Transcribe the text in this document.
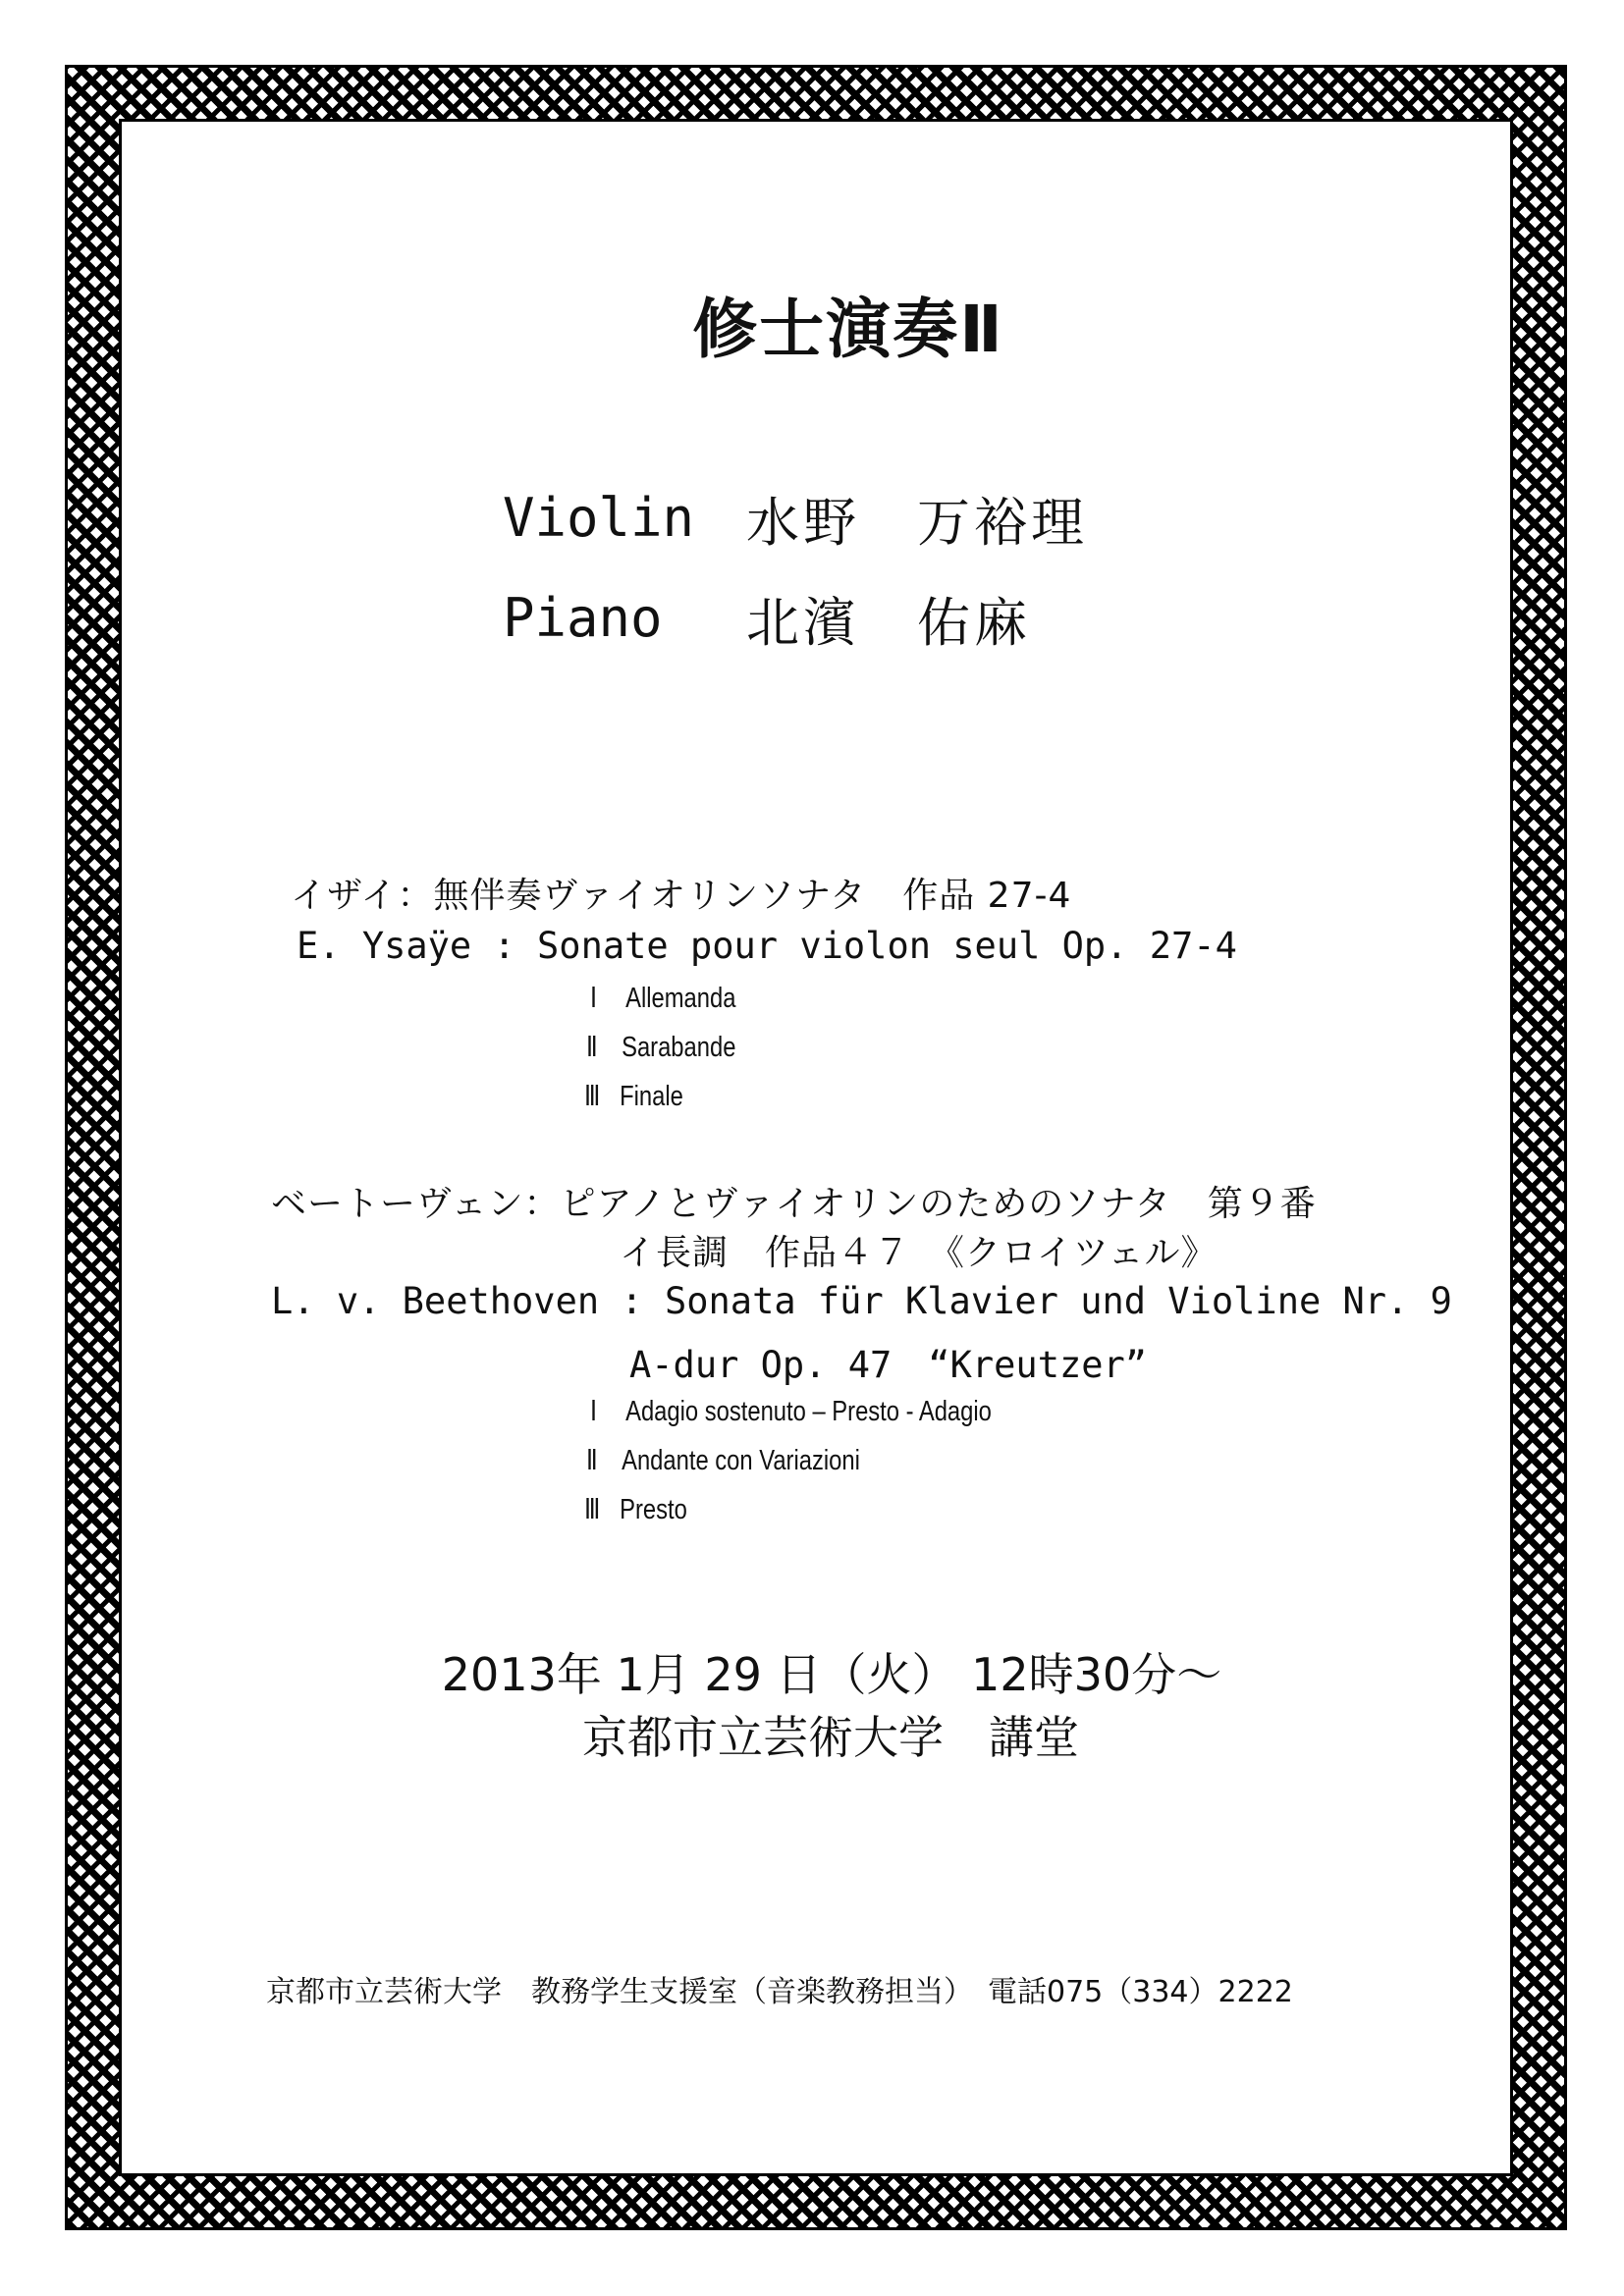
修士演奏Ⅱ
Violin 水野　万裕理
Piano 北濱　佑麻

イザイ：無伴奏ヴァイオリンソナタ　作品 27-4

E. Ysaÿe : Sonate pour violon seul Op. 27-4

Ⅰ Allemanda

Ⅱ Sarabande

Ⅲ Finale

ベートーヴェン：ピアノとヴァイオリンのためのソナタ　第９番

イ長調　作品４７　《クロイツェル》

L. v. Beethoven : Sonata für Klavier und Violine Nr. 9

A-dur Op. 47　“Kreutzer”

Ⅰ Adagio sostenuto – Presto - Adagio

Ⅱ Andante con Variazioni

Ⅲ Presto

2013年 1月 29 日（火） 12時30分～

京都市立芸術大学　講堂

京都市立芸術大学　教務学生支援室（音楽教務担当）　電話075（334）2222
